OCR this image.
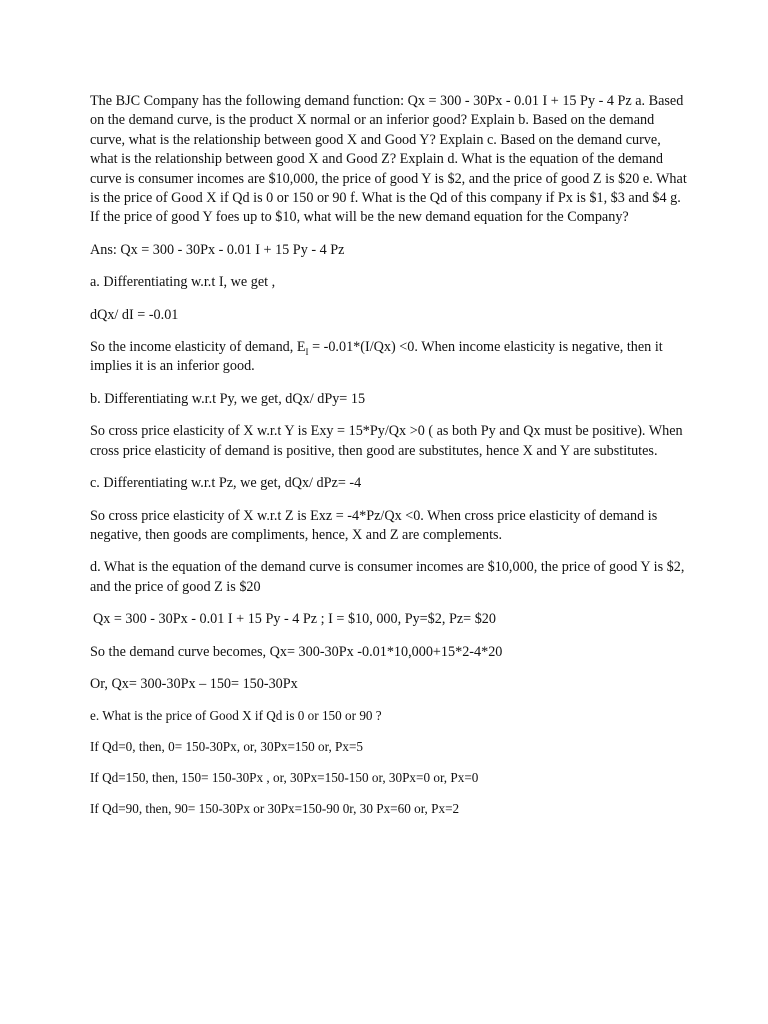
The BJC Company has the following demand function: Qx = 300 - 30Px - 0.01 I + 15 Py - 4 Pz a. Based on the demand curve, is the product X normal or an inferior good? Explain b. Based on the demand curve, what is the relationship between good X and Good Y? Explain c. Based on the demand curve, what is the relationship between good X and Good Z? Explain d. What is the equation of the demand curve is consumer incomes are $10,000, the price of good Y is $2, and the price of good Z is $20 e. What is the price of Good X if Qd is 0 or 150 or 90 f. What is the Qd of this company if Px is $1, $3 and $4 g. If the price of good Y foes up to $10, what will be the new demand equation for the Company?

Ans: Qx = 300 - 30Px - 0.01 I + 15 Py - 4 Pz

a. Differentiating w.r.t I, we get ,

dQx/ dI = -0.01

So the income elasticity of demand, $E_I = -0.01*(I/Qx) <0$. When income elasticity is negative, then it implies it is an inferior good.

b. Differentiating w.r.t Py, we get, dQx/ dPy= 15

So cross price elasticity of X w.r.t Y is Exy = 15*Py/Qx >0 ( as both Py and Qx must be positive). When cross price elasticity of demand is positive, then good are substitutes, hence X and Y are substitutes.

c. Differentiating w.r.t Pz, we get, dQx/ dPz= -4

So cross price elasticity of X w.r.t Z is Exz = -4*Pz/Qx <0. When cross price elasticity of demand is negative, then goods are compliments, hence, X and Z are complements.

d. What is the equation of the demand curve is consumer incomes are $10,000, the price of good Y is $2, and the price of good Z is $20

Qx = 300 - 30Px - 0.01 I + 15 Py - 4 Pz ; I = $10, 000, Py=$2, Pz= $20

So the demand curve becomes, Qx= 300-30Px -0.01*10,000+15*2-4*20

Or, Qx= 300-30Px – 150= 150-30Px

e. What is the price of Good X if Qd is 0 or 150 or 90 ?

If Qd=0, then, 0= 150-30Px, or, 30Px=150 or, Px=5

If Qd=150, then, 150= 150-30Px , or, 30Px=150-150 or, 30Px=0 or, Px=0

If Qd=90, then, 90= 150-30Px or 30Px=150-90 0r, 30 Px=60 or, Px=2
